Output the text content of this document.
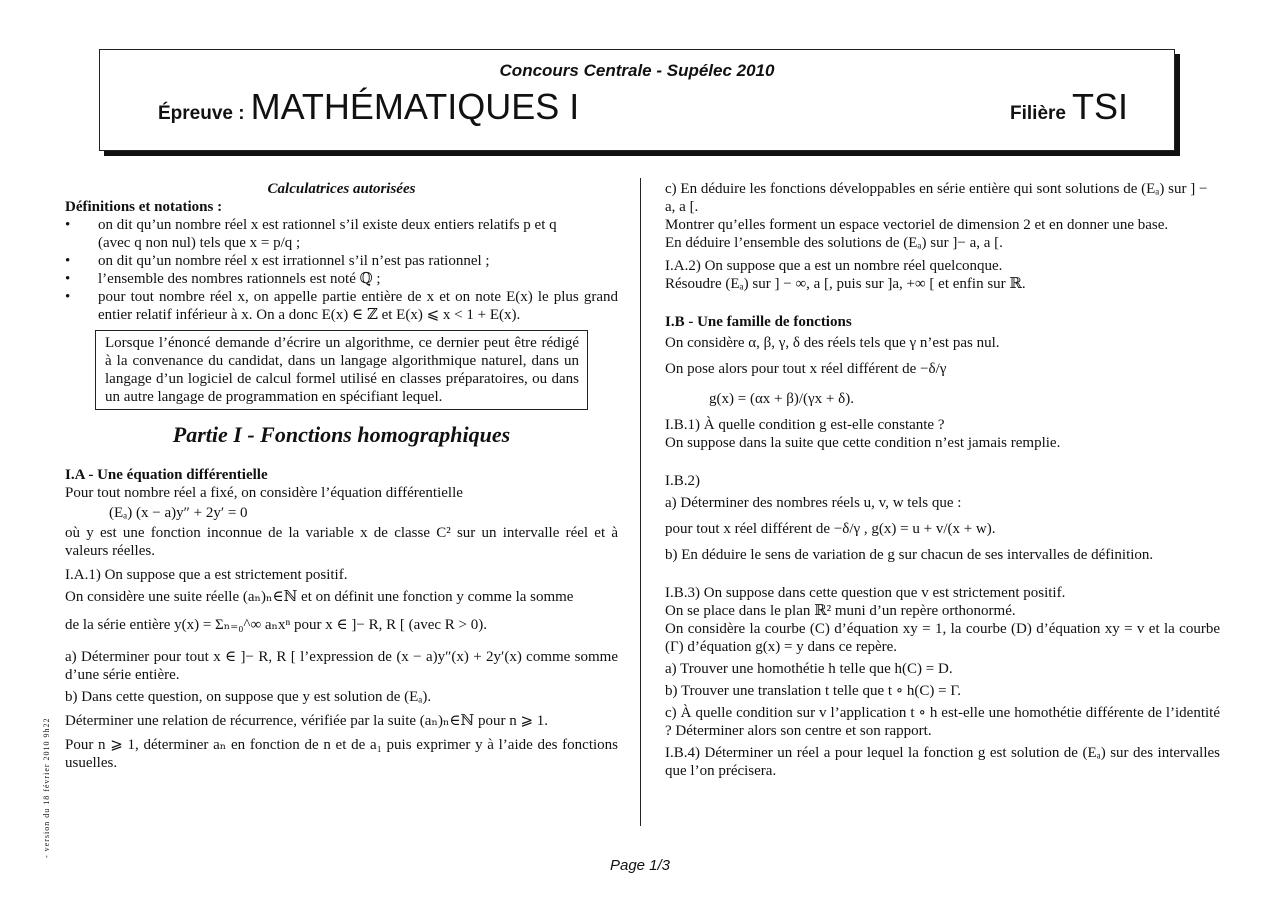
Concours Centrale - Supélec 2010
Épreuve : MATHÉMATIQUES I	Filière TSI

Calculatrices autorisées

Définitions et notations :

• on dit qu’un nombre réel x est rationnel s’il existe deux entiers relatifs p et q
(avec q non nul) tels que x = p/q ;
• on dit qu’un nombre réel x est irrationnel s’il n’est pas rationnel ;
• l’ensemble des nombres rationnels est noté ℚ ;
• pour tout nombre réel x, on appelle partie entière de x et on note E(x) le plus grand entier relatif inférieur à x. On a donc E(x) ∈ ℤ et E(x) ⩽ x < 1 + E(x).
Lorsque l’énoncé demande d’écrire un algorithme, ce dernier peut être rédigé à la convenance du candidat, dans un langage algorithmique naturel, dans un langage d’un logiciel de calcul formel utilisé en classes préparatoires, ou dans un autre langage de programmation en spécifiant lequel.
Partie I - Fonctions homographiques

I.A - Une équation différentielle

Pour tout nombre réel a fixé, on considère l’équation différentielle

(Eₐ) (x − a)y″ + 2y′ = 0

où y est une fonction inconnue de la variable x de classe C² sur un intervalle réel et à valeurs réelles.

I.A.1) On suppose que a est strictement positif.

On considère une suite réelle (aₙ)ₙ∈ℕ et on définit une fonction y comme la somme

de la série entière y(x) = Σₙ₌₀^∞ aₙxⁿ pour x ∈ ]− R, R [ (avec R > 0).

a) Déterminer pour tout x ∈ ]− R, R [ l’expression de (x − a)y″(x) + 2y′(x) comme somme d’une série entière.

b) Dans cette question, on suppose que y est solution de (Eₐ).

Déterminer une relation de récurrence, vérifiée par la suite (aₙ)ₙ∈ℕ pour n ⩾ 1.

Pour n ⩾ 1, déterminer aₙ en fonction de n et de a₁ puis exprimer y à l’aide des fonctions usuelles.

c) En déduire les fonctions développables en série entière qui sont solutions de (Eₐ) sur ] − a, a [.

Montrer qu’elles forment un espace vectoriel de dimension 2 et en donner une base.

En déduire l’ensemble des solutions de (Eₐ) sur ]− a, a [.

I.A.2) On suppose que a est un nombre réel quelconque.

Résoudre (Eₐ) sur ] − ∞, a [, puis sur ]a, +∞ [ et enfin sur ℝ.

I.B - Une famille de fonctions

On considère α, β, γ, δ des réels tels que γ n’est pas nul.

On pose alors pour tout x réel différent de −δ/γ

g(x) = (αx + β)/(γx + δ).

I.B.1) À quelle condition g est-elle constante ?

On suppose dans la suite que cette condition n’est jamais remplie.

I.B.2)

a) Déterminer des nombres réels u, v, w tels que :

pour tout x réel différent de −δ/γ , g(x) = u + v/(x + w).

b) En déduire le sens de variation de g sur chacun de ses intervalles de définition.

I.B.3) On suppose dans cette question que v est strictement positif.

On se place dans le plan ℝ² muni d’un repère orthonormé.

On considère la courbe (C) d’équation xy = 1, la courbe (D) d’équation xy = v et la courbe (Γ) d’équation g(x) = y dans ce repère.

a) Trouver une homothétie h telle que h(C) = D.

b) Trouver une translation t telle que t ∘ h(C) = Γ.

c) À quelle condition sur v l’application t ∘ h est-elle une homothétie différente de l’identité ? Déterminer alors son centre et son rapport.

I.B.4) Déterminer un réel a pour lequel la fonction g est solution de (Eₐ) sur des intervalles que l’on précisera.

- version du 18 février 2010 9h22
Page 1/3
